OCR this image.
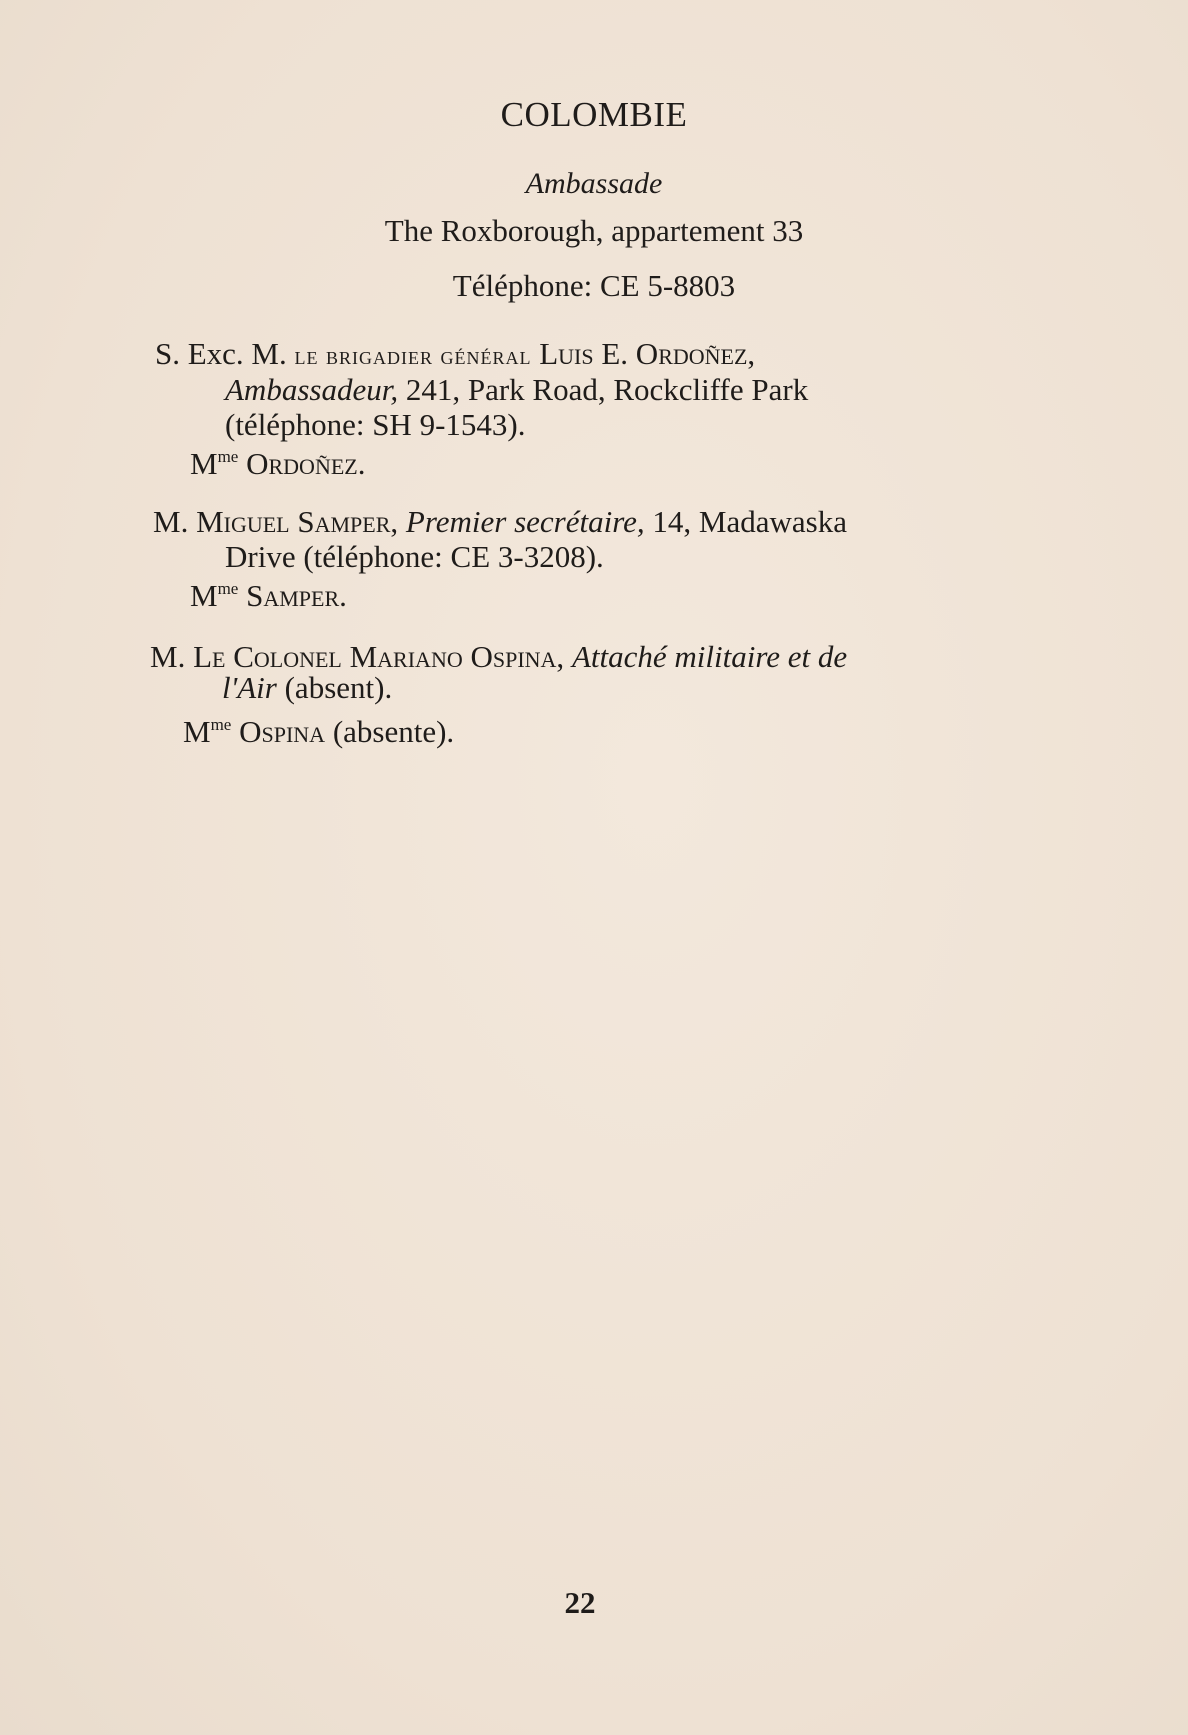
COLOMBIE
Ambassade
The Roxborough, appartement 33
Téléphone: CE 5-8803
S. Exc. M. le brigadier général Luis E. Ordoñez,
Ambassadeur, 241, Park Road, Rockcliffe Park
(téléphone: SH 9-1543).
$M^{me}$ Ordoñez.
M. Miguel Samper, Premier secrétaire, 14, Madawaska
Drive (téléphone: CE 3-3208).
$M^{me}$ Samper.
M. Le Colonel Mariano Ospina, Attaché militaire et de
l'Air (absent).
$M^{me}$ Ospina (absente).
22
